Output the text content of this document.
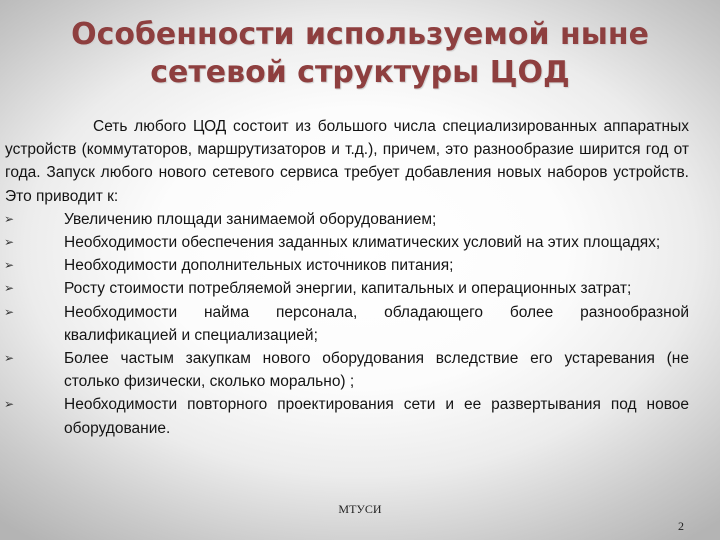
Особенности используемой ныне
сетевой структуры ЦОД

Сеть любого ЦОД состоит из большого числа специализированных аппаратных устройств (коммутаторов, маршрутизаторов и т.д.), причем, это разнообразие ширится год от года. Запуск любого нового сетевого сервиса требует добавления новых наборов устройств. Это приводит к:

➢	Увеличению площади занимаемой оборудованием;
➢	Необходимости обеспечения заданных климатических условий на этих площадях;
➢	Необходимости дополнительных источников питания;
➢	Росту стоимости потребляемой энергии, капитальных и операционных затрат;
➢	Необходимости найма персонала, обладающего более разнообразной квалификацией и специализацией;
➢	Более частым закупкам нового оборудования вследствие его устаревания (не столько физически, сколько морально) ;
➢	Необходимости повторного проектирования сети и ее развертывания под новое оборудование.

МТУСИ

2
